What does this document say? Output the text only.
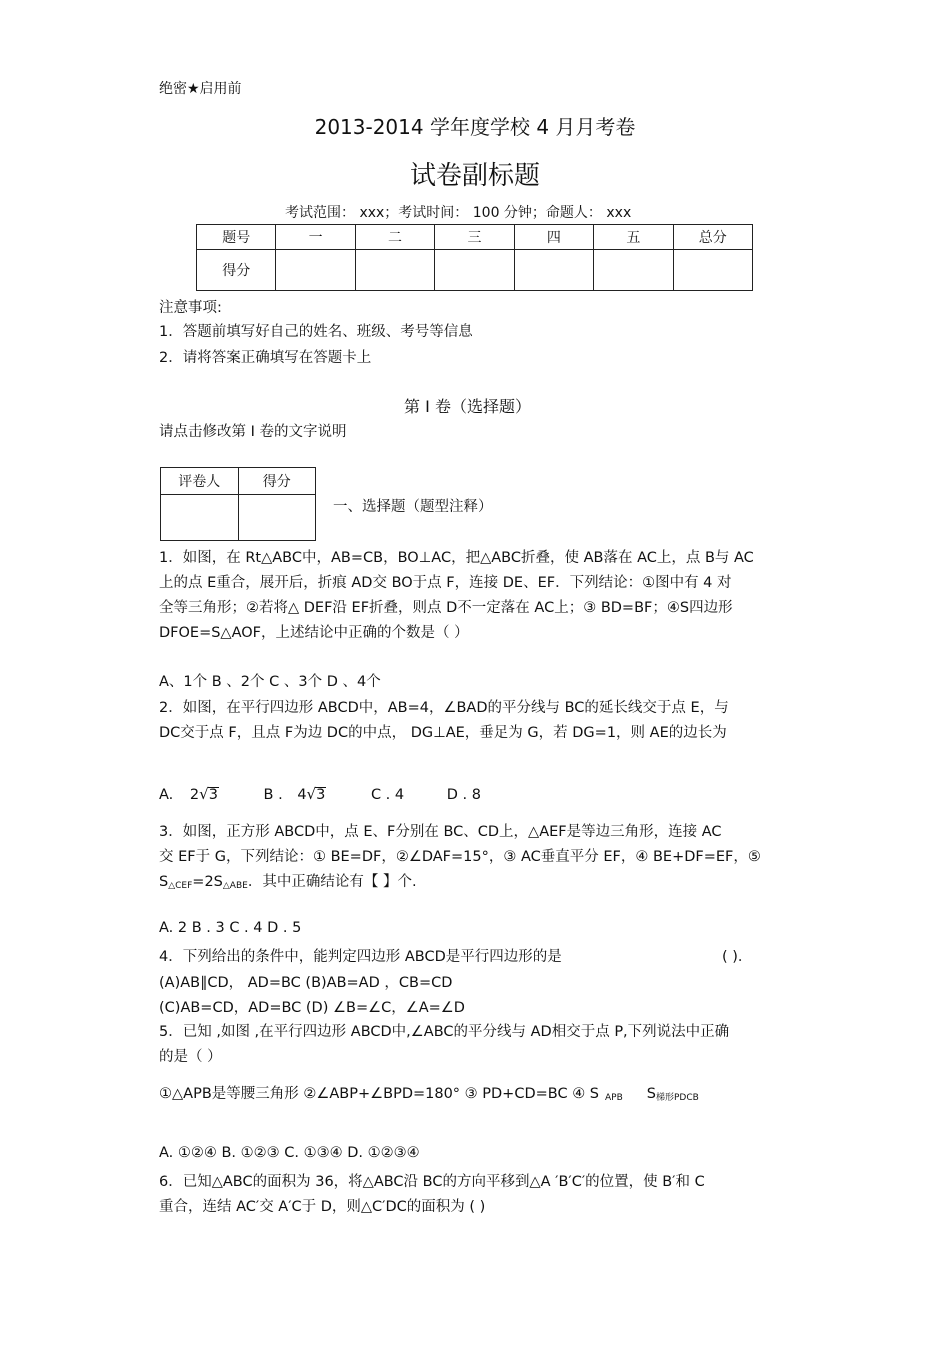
绝密★启用前
2013-2014 学年度学校 4 月月考卷
试卷副标题
考试范围： xxx；考试时间： 100 分钟；命题人： xxx
题号	一	二	三	四	五	总分
得分						
注意事项:
1．答题前填写好自己的姓名、班级、考号等信息
2．请将答案正确填写在答题卡上
第 I 卷（选择题）
请点击修改第 I 卷的文字说明
评卷人	得分

一、选择题（题型注释）
1．如图，在 Rt△ABC中，AB=CB，BO⊥AC，把△ABC折叠，使 AB落在 AC上，点 B与 AC
上的点 E重合，展开后，折痕 AD交 BO于点 F，连接 DE、EF．下列结论：①图中有 4 对
全等三角形；②若将△ DEF沿 EF折叠，则点 D不一定落在 AC上；③ BD=BF；④S四边形
DFOE=S△AOF，上述结论中正确的个数是（ ）
A、1个 B 、2个 C 、3个 D 、4个
2．如图，在平行四边形 ABCD中，AB=4，∠BAD的平分线与 BC的延长线交于点 E，与
DC交于点 F，且点 F为边 DC的中点， DG⊥AE，垂足为 G，若 DG=1，则 AE的边长为
A. 2√3	B . 4√3	C . 4	D . 8
3．如图，正方形 ABCD中，点 E、F分别在 BC、CD上，△AEF是等边三角形，连接 AC
交 EF于 G，下列结论：① BE=DF，②∠DAF=15°，③ AC垂直平分 EF，④ BE+DF=EF，⑤
$S_{\triangle CEF}=2S_{\triangle ABE}$．其中正确结论有【 】个.
A. 2 B . 3 C . 4 D . 5
4．下列给出的条件中，能判定四边形 ABCD是平行四边形的是	( )．
(A)AB∥CD， AD=BC (B)AB=AD ，CB=CD
(C)AB=CD，AD=BC (D) ∠B=∠C，∠A=∠D
5．已知 ,如图 ,在平行四边形 ABCD中,∠ABC的平分线与 AD相交于点 P,下列说法中正确
的是（ ）
①△APB是等腰三角形 ②∠ABP+∠BPD=180° ③ PD+CD=BC ④ S $_{APB}$ $S_{梯形PDCB}$
A. ①②④ B. ①②③ C. ①③④ D. ①②③④
6．已知△ABC的面积为 36，将△ABC沿 BC的方向平移到△A ′B′C′的位置，使 B′和 C
重合，连结 AC′交 A′C于 D，则△C′DC的面积为 ( )
